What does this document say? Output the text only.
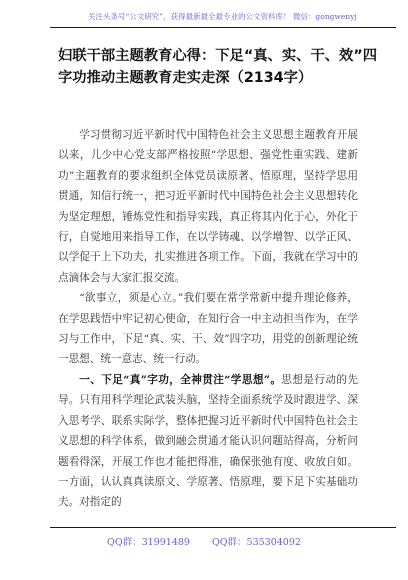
关注头条号“公文研究”，获得最新最全最专业的公文资料库！ 微信：gongwenyj
妇联干部主题教育心得：下足“真、实、干、效”四字功推动主题教育走实走深（2134字）

学习贯彻习近平新时代中国特色社会主义思想主题教育开展以来，儿少中心党支部严格按照“学思想、强党性重实践、建新功”主题教育的要求组织全体党员读原著、悟原理，坚持学思用贯通，知信行统一，把习近平新时代中国特色社会主义思想转化为坚定理想，锤炼党性和指导实践，真正将其内化于心，外化于行，自觉地用来指导工作，在以学铸魂、以学增智、以学正风、以学促干上下功夫，扎实推进各项工作。下面，我就在学习中的点滴体会与大家汇报交流。

“欲事立，须是心立。”我们要在常学常新中提升理论修养，在学思践悟中牢记初心使命，在知行合一中主动担当作为，在学习与工作中，下足“真、实、干、效”四字功，用党的创新理论统一思想、统一意志、统一行动。

一、下足“真”字功，全神贯注“学思想”。思想是行动的先导。只有用科学理论武装头脑，坚持全面系统学及时跟进学、深入思考学、联系实际学，整体把握习近平新时代中国特色社会主义思想的科学体系，做到融会贯通才能认识问题站得高，分析问题看得深，开展工作也才能把得准，确保张弛有度、收放自如。一方面，认认真真读原文、学原著、悟原理，要下足下实基础功夫。对指定的

QQ群：31991489 QQ群：535304092
